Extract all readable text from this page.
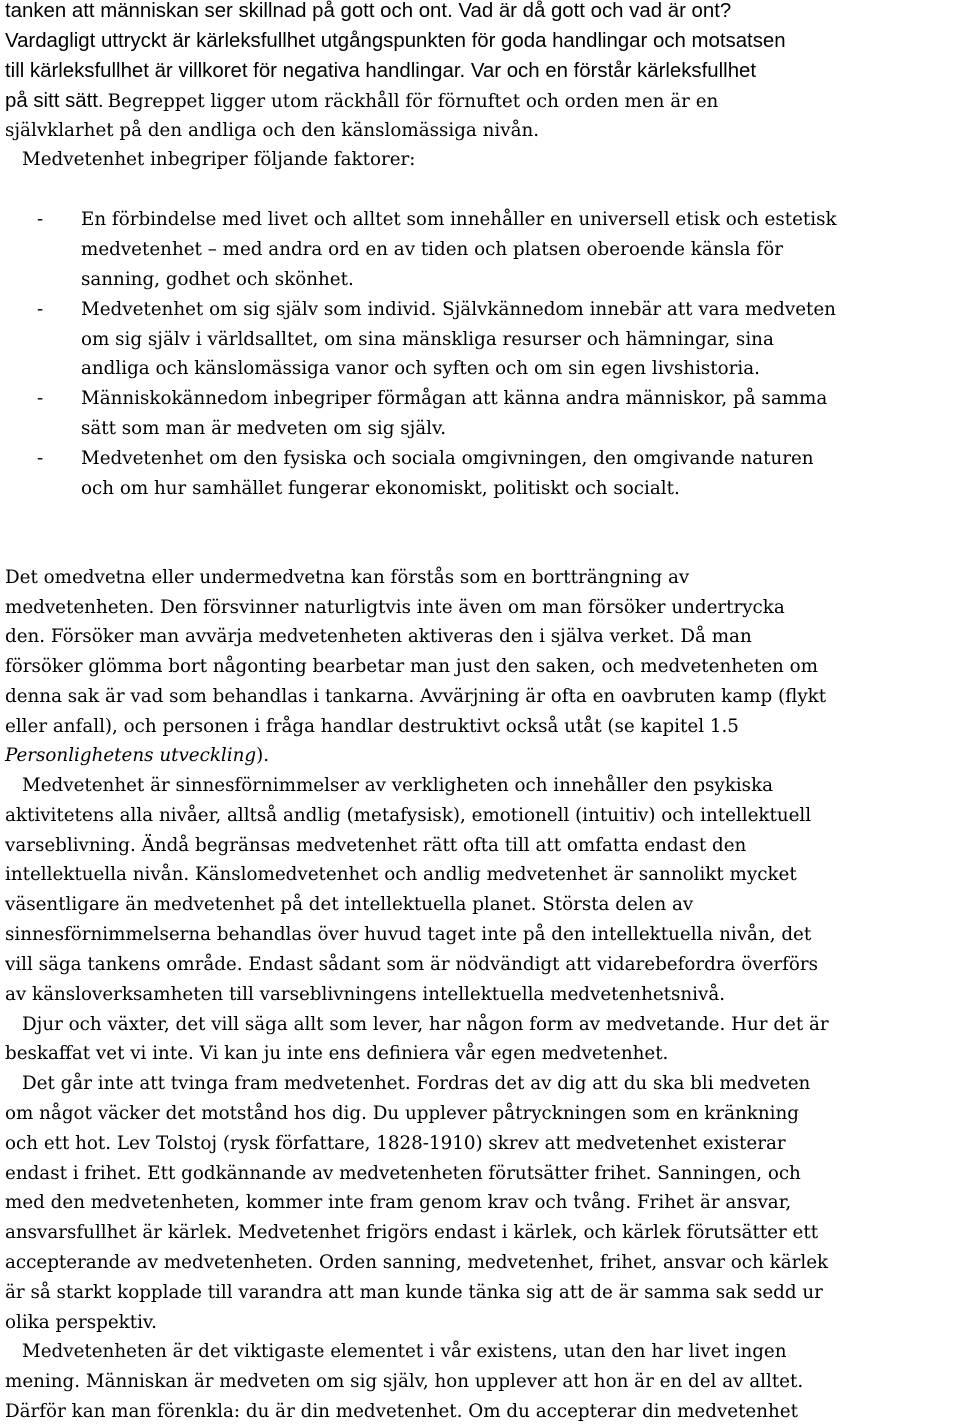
tanken att människan ser skillnad på gott och ont. Vad är då gott och vad är ont?

Vardagligt uttryckt är kärleksfullhet utgångspunkten för goda handlingar och motsatsen

till kärleksfullhet är villkoret för negativa handlingar. Var och en förstår kärleksfullhet

på sitt sätt. Begreppet ligger utom räckhåll för förnuftet och orden men är en

självklarhet på den andliga och den känslomässiga nivån.

Medvetenhet inbegriper följande faktorer:

- En förbindelse med livet och alltet som innehåller en universell etisk och estetisk

medvetenhet – med andra ord en av tiden och platsen oberoende känsla för

sanning, godhet och skönhet.

- Medvetenhet om sig själv som individ. Självkännedom innebär att vara medveten

om sig själv i världsalltet, om sina mänskliga resurser och hämningar, sina

andliga och känslomässiga vanor och syften och om sin egen livshistoria.

- Människokännedom inbegriper förmågan att känna andra människor, på samma

sätt som man är medveten om sig själv.

- Medvetenhet om den fysiska och sociala omgivningen, den omgivande naturen

och om hur samhället fungerar ekonomiskt, politiskt och socialt.

Det omedvetna eller undermedvetna kan förstås som en bortträngning av

medvetenheten. Den försvinner naturligtvis inte även om man försöker undertrycka

den. Försöker man avvärja medvetenheten aktiveras den i själva verket. Då man

försöker glömma bort någonting bearbetar man just den saken, och medvetenheten om

denna sak är vad som behandlas i tankarna. Avvärjning är ofta en oavbruten kamp (flykt

eller anfall), och personen i fråga handlar destruktivt också utåt (se kapitel 1.5

Personlighetens utveckling).

Medvetenhet är sinnesförnimmelser av verkligheten och innehåller den psykiska

aktivitetens alla nivåer, alltså andlig (metafysisk), emotionell (intuitiv) och intellektuell

varseblivning. Ändå begränsas medvetenhet rätt ofta till att omfatta endast den

intellektuella nivån. Känslomedvetenhet och andlig medvetenhet är sannolikt mycket

väsentligare än medvetenhet på det intellektuella planet. Största delen av

sinnesförnimmelserna behandlas över huvud taget inte på den intellektuella nivån, det

vill säga tankens område. Endast sådant som är nödvändigt att vidarebefordra överförs

av känsloverksamheten till varseblivningens intellektuella medvetenhetsnivå.

Djur och växter, det vill säga allt som lever, har någon form av medvetande. Hur det är

beskaffat vet vi inte. Vi kan ju inte ens definiera vår egen medvetenhet.

Det går inte att tvinga fram medvetenhet. Fordras det av dig att du ska bli medveten

om något väcker det motstånd hos dig. Du upplever påtryckningen som en kränkning

och ett hot. Lev Tolstoj (rysk författare, 1828-1910) skrev att medvetenhet existerar

endast i frihet. Ett godkännande av medvetenheten förutsätter frihet. Sanningen, och

med den medvetenheten, kommer inte fram genom krav och tvång. Frihet är ansvar,

ansvarsfullhet är kärlek. Medvetenhet frigörs endast i kärlek, och kärlek förutsätter ett

accepterande av medvetenheten. Orden sanning, medvetenhet, frihet, ansvar och kärlek

är så starkt kopplade till varandra att man kunde tänka sig att de är samma sak sedd ur

olika perspektiv.

Medvetenheten är det viktigaste elementet i vår existens, utan den har livet ingen

mening. Människan är medveten om sig själv, hon upplever att hon är en del av alltet.

Därför kan man förenkla: du är din medvetenhet. Om du accepterar din medvetenhet
